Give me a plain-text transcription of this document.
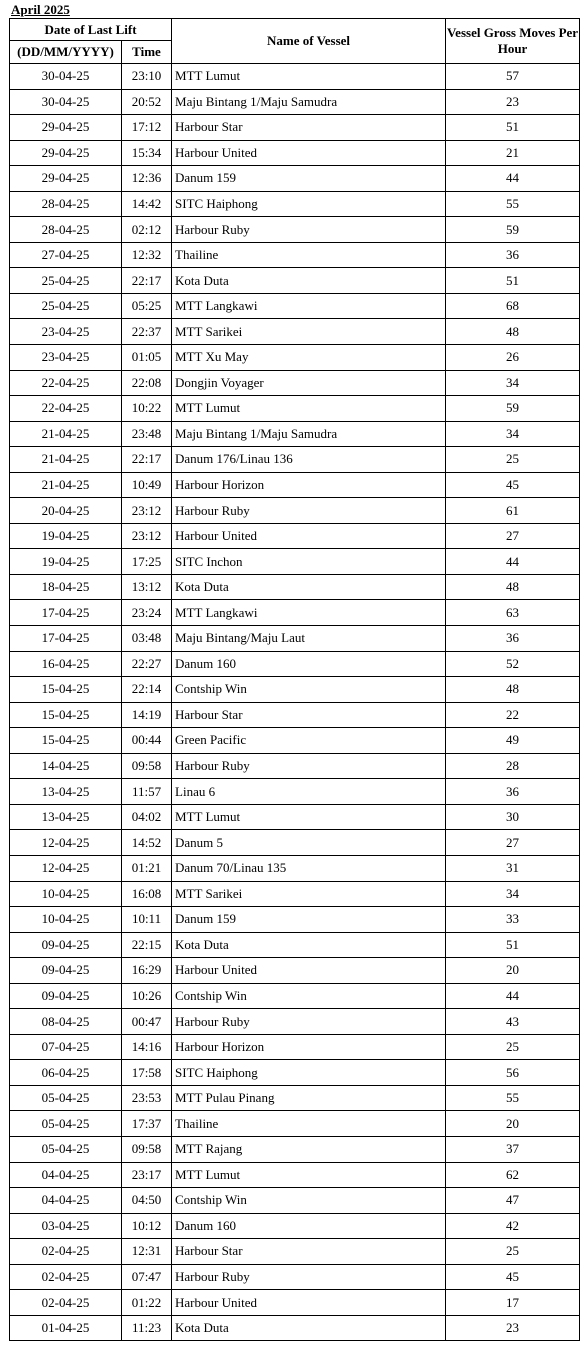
April 2025
Date of Last Lift		Name of Vessel	Vessel Gross Moves Per Hour
(DD/MM/YYYY)	Time		
30-04-25	23:10	MTT Lumut	57
30-04-25	20:52	Maju Bintang 1/Maju Samudra	23
29-04-25	17:12	Harbour Star	51
29-04-25	15:34	Harbour United	21
29-04-25	12:36	Danum 159	44
28-04-25	14:42	SITC Haiphong	55
28-04-25	02:12	Harbour Ruby	59
27-04-25	12:32	Thailine	36
25-04-25	22:17	Kota Duta	51
25-04-25	05:25	MTT Langkawi	68
23-04-25	22:37	MTT Sarikei	48
23-04-25	01:05	MTT Xu May	26
22-04-25	22:08	Dongjin Voyager	34
22-04-25	10:22	MTT Lumut	59
21-04-25	23:48	Maju Bintang 1/Maju Samudra	34
21-04-25	22:17	Danum 176/Linau 136	25
21-04-25	10:49	Harbour Horizon	45
20-04-25	23:12	Harbour Ruby	61
19-04-25	23:12	Harbour United	27
19-04-25	17:25	SITC Inchon	44
18-04-25	13:12	Kota Duta	48
17-04-25	23:24	MTT Langkawi	63
17-04-25	03:48	Maju Bintang/Maju Laut	36
16-04-25	22:27	Danum 160	52
15-04-25	22:14	Contship Win	48
15-04-25	14:19	Harbour Star	22
15-04-25	00:44	Green Pacific	49
14-04-25	09:58	Harbour Ruby	28
13-04-25	11:57	Linau 6	36
13-04-25	04:02	MTT Lumut	30
12-04-25	14:52	Danum 5	27
12-04-25	01:21	Danum 70/Linau 135	31
10-04-25	16:08	MTT Sarikei	34
10-04-25	10:11	Danum 159	33
09-04-25	22:15	Kota Duta	51
09-04-25	16:29	Harbour United	20
09-04-25	10:26	Contship Win	44
08-04-25	00:47	Harbour Ruby	43
07-04-25	14:16	Harbour Horizon	25
06-04-25	17:58	SITC Haiphong	56
05-04-25	23:53	MTT Pulau Pinang	55
05-04-25	17:37	Thailine	20
05-04-25	09:58	MTT Rajang	37
04-04-25	23:17	MTT Lumut	62
04-04-25	04:50	Contship Win	47
03-04-25	10:12	Danum 160	42
02-04-25	12:31	Harbour Star	25
02-04-25	07:47	Harbour Ruby	45
02-04-25	01:22	Harbour United	17
01-04-25	11:23	Kota Duta	23
